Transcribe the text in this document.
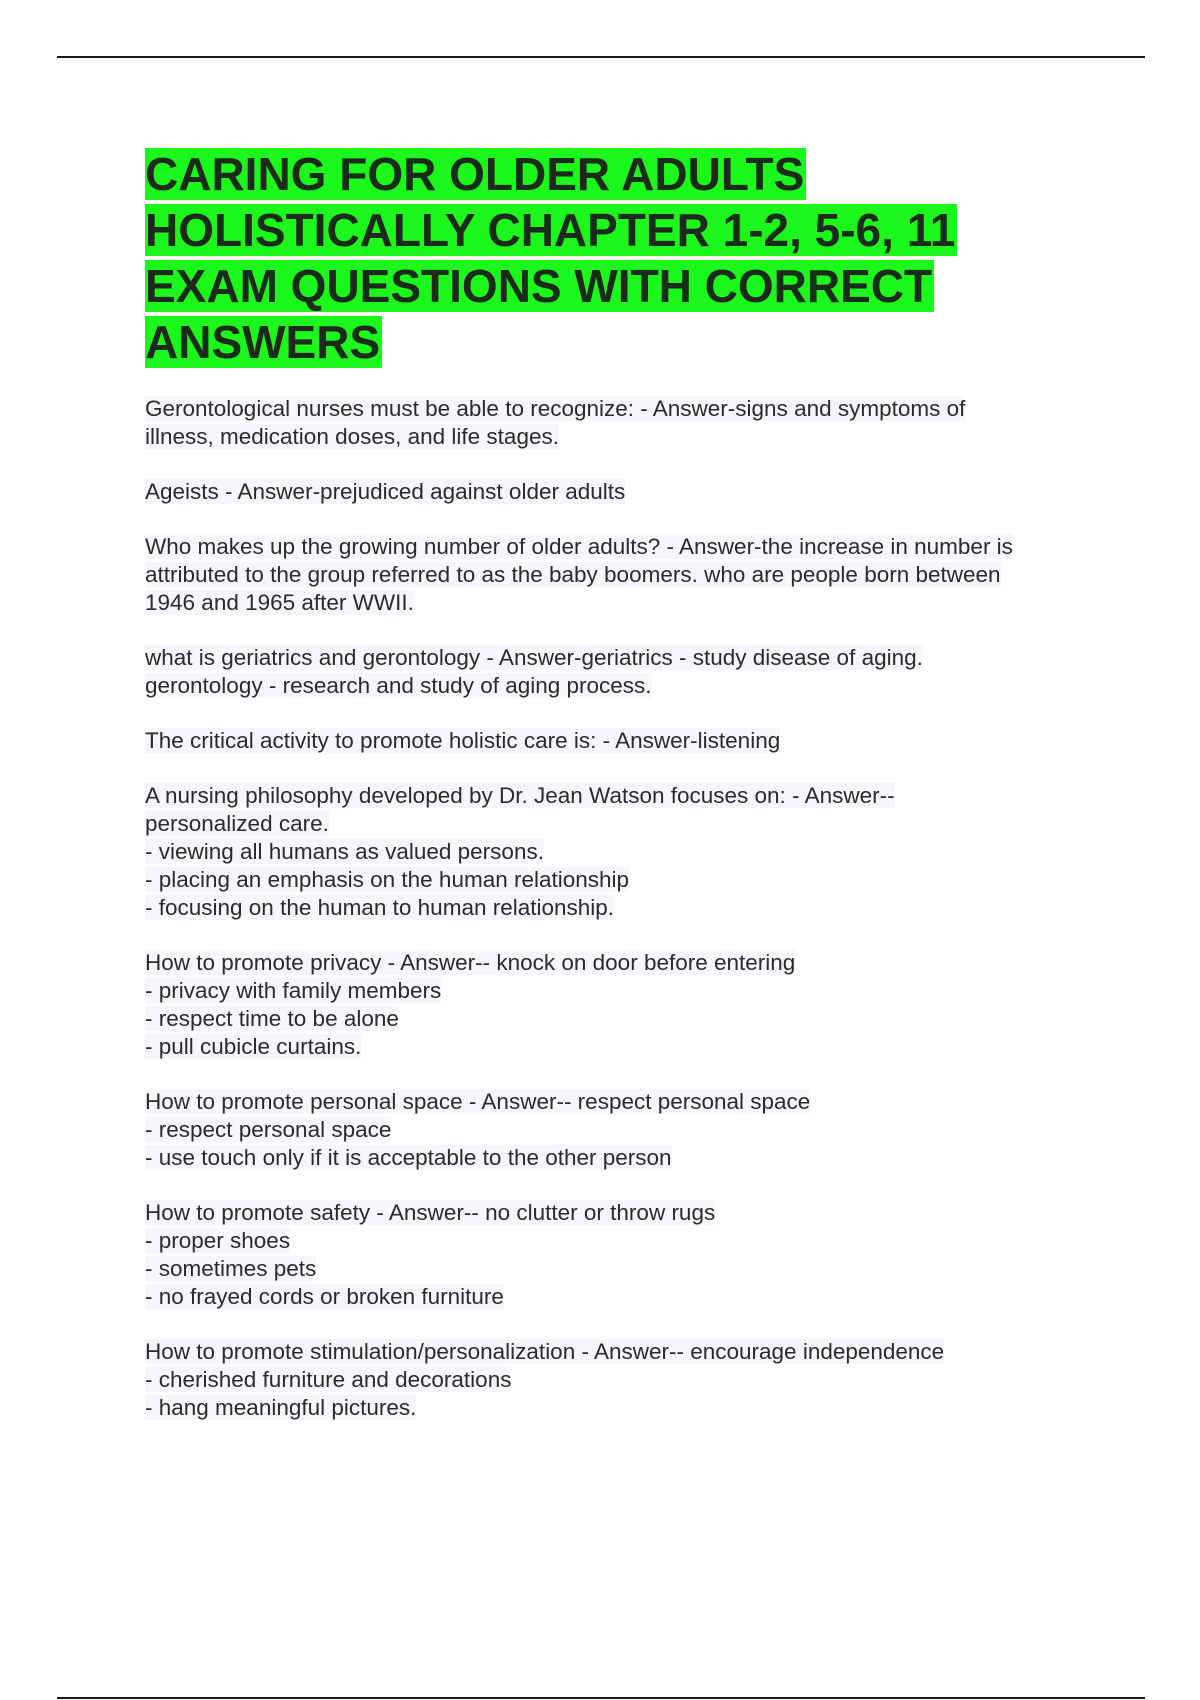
CARING FOR OLDER ADULTS HOLISTICALLY CHAPTER 1-2, 5-6, 11 EXAM QUESTIONS WITH CORRECT ANSWERS
Gerontological nurses must be able to recognize: - Answer-signs and symptoms of
illness, medication doses, and life stages.
Ageists - Answer-prejudiced against older adults
Who makes up the growing number of older adults? - Answer-the increase in number is
attributed to the group referred to as the baby boomers. who are people born between
1946 and 1965 after WWII.
what is geriatrics and gerontology - Answer-geriatrics - study disease of aging.
gerontology - research and study of aging process.
The critical activity to promote holistic care is: - Answer-listening
A nursing philosophy developed by Dr. Jean Watson focuses on: - Answer--
personalized care.
- viewing all humans as valued persons.
- placing an emphasis on the human relationship
- focusing on the human to human relationship.
How to promote privacy - Answer-- knock on door before entering
- privacy with family members
- respect time to be alone
- pull cubicle curtains.
How to promote personal space - Answer-- respect personal space
- respect personal space
- use touch only if it is acceptable to the other person
How to promote safety - Answer-- no clutter or throw rugs
- proper shoes
- sometimes pets
- no frayed cords or broken furniture
How to promote stimulation/personalization - Answer-- encourage independence
- cherished furniture and decorations
- hang meaningful pictures.
